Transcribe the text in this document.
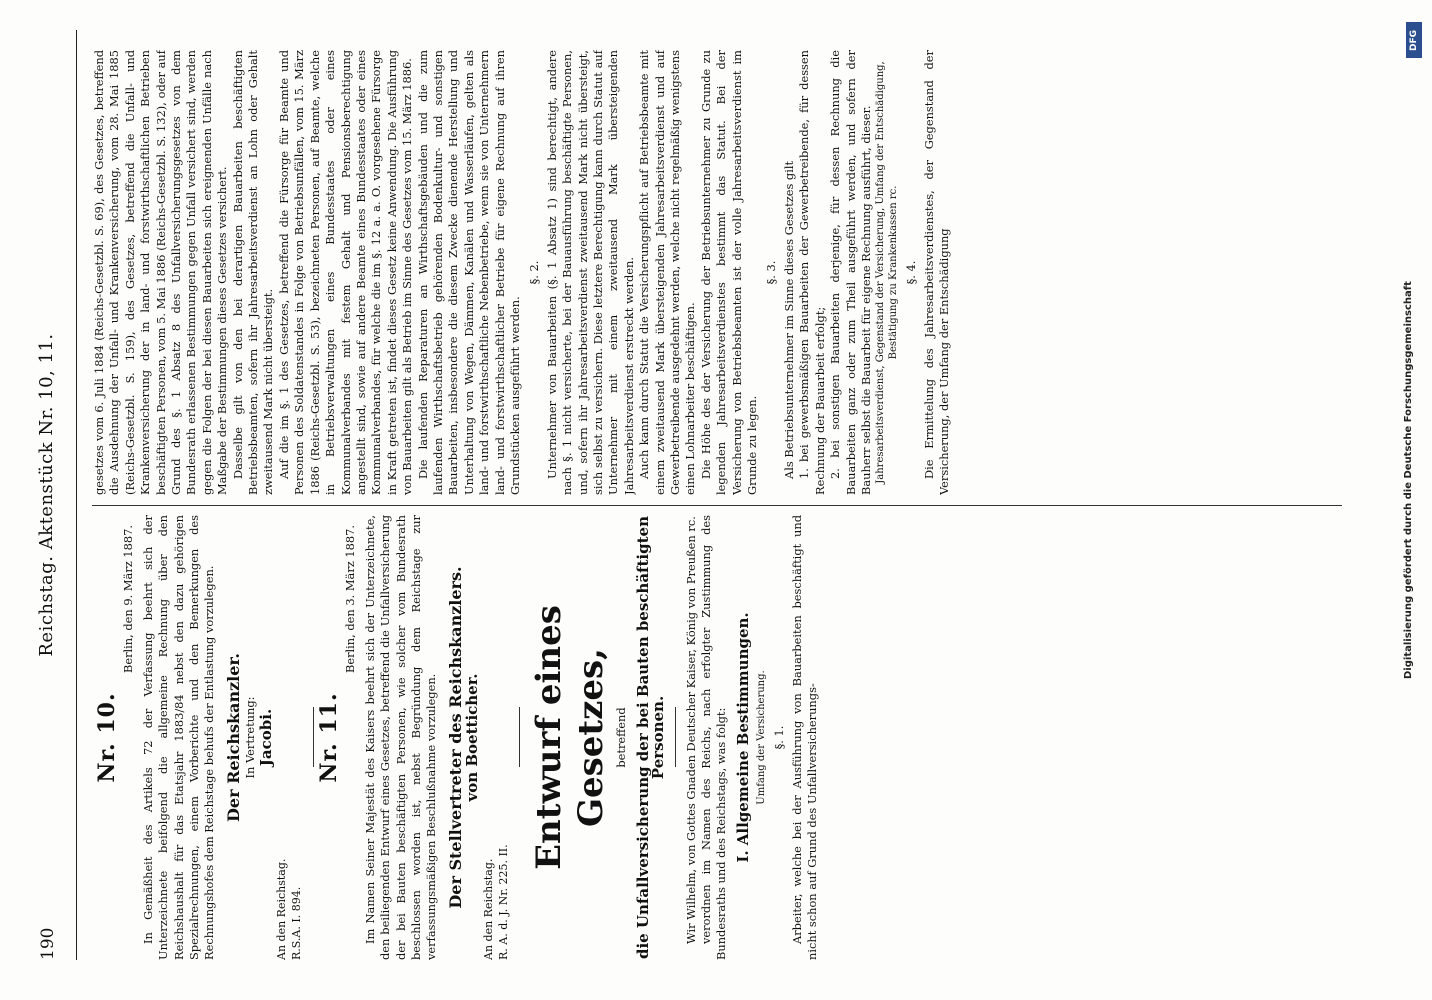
190
Reichstag. Aktenstück Nr. 10, 11.

Nr. 10.

Berlin, den 9. März 1887. In Gemäßheit des Artikels 72 der Verfassung beehrt sich der Unterzeichnete beifolgend die allgemeine Rechnung über den Reichshaushalt für das Etatsjahr 1883/84 nebst den dazu gehörigen Spezialrechnungen, einem Vorberichte und den Bemerkungen des Rechnungshofes dem Reichstage behufs der Entlastung vorzulegen. Der Reichskanzler. In Vertretung: Jacobi.

An den Reichstag. R.S.A. I. 894.

Nr. 11.

Berlin, den 3. März 1887. Im Namen Seiner Majestät des Kaisers beehrt sich der Unterzeichnete, den beiliegenden Entwurf eines Gesetzes, betreffend die Unfallversicherung der bei Bauten beschäftigten Personen, wie solcher vom Bundesrath beschlossen worden ist, nebst Begründung dem Reichstage zur verfassungsmäßigen Beschlußnahme vorzulegen. Der Stellvertreter des Reichskanzlers.

von Boetticher.

An den Reichstag. R. A. d. J. Nr. 225. II.

Entwurf eines Gesetzes, betreffend die Unfallversicherung der bei Bauten beschäftigten Personen. Wir Wilhelm, von Gottes Gnaden Deutscher Kaiser, König von Preußen rc. verordnen im Namen des Reichs, nach erfolgter Zustimmung des Bundesraths und des Reichstags, was folgt: I. Allgemeine Bestimmungen. Umfang der Versicherung. §. 1. Arbeiter, welche bei der Ausführung von Bauarbeiten beschäftigt und nicht schon auf Grund des Unfallversicherungs-

gesetzes vom 6. Juli 1884 (Reichs-Gesetzbl. S. 69), des Gesetzes, betreffend die Ausdehnung der Unfall- und Krankenversicherung, vom 28. Mai 1885 (Reichs-Gesetzbl. S. 159), des Gesetzes, betreffend die Unfall- und Krankenversicherung der in land- und forstwirthschaftlichen Betrieben beschäftigten Personen, vom 5. Mai 1886 (Reichs-Gesetzbl. S. 132), oder auf Grund des §. 1 Absatz 8 des Unfallversicherungsgesetzes von dem Bundesrath erlassenen Bestimmungen gegen Unfall versichert sind, werden gegen die Folgen der bei diesen Bauarbeiten sich ereignenden Unfälle nach Maßgabe der Bestimmungen dieses Gesetzes versichert. Dasselbe gilt von den bei derartigen Bauarbeiten beschäftigten Betriebsbeamten, sofern ihr Jahresarbeitsverdienst an Lohn oder Gehalt zweitausend Mark nicht übersteigt. Auf die im §. 1 des Gesetzes, betreffend die Fürsorge für Beamte und Personen des Soldatenstandes in Folge von Betriebsunfällen, vom 15. März 1886 (Reichs-Gesetzbl. S. 53), bezeichneten Personen, auf Beamte, welche in Betriebsverwaltungen eines Bundesstaates oder eines Kommunalverbandes mit festem Gehalt und Pensionsberechtigung angestellt sind, sowie auf andere Beamte eines Bundesstaates oder eines Kommunalverbandes, für welche die im §. 12 a. a. O. vorgesehene Fürsorge in Kraft getreten ist, findet dieses Gesetz keine Anwendung. Die Ausführung von Bauarbeiten gilt als Betrieb im Sinne des Gesetzes vom 15. März 1886. Die laufenden Reparaturen an Wirthschaftsgebäuden und die zum laufenden Wirthschaftsbetrieb gehörenden Bodenkultur- und sonstigen Bauarbeiten, insbesondere die diesem Zwecke dienende Herstellung und Unterhaltung von Wegen, Dämmen, Kanälen und Wasserläufen, gelten als land- und forstwirthschaftliche Nebenbetriebe, wenn sie von Unternehmern land- und forstwirthschaftlicher Betriebe für eigene Rechnung auf ihren Grundstücken ausgeführt werden.

§. 2. Unternehmer von Bauarbeiten (§. 1 Absatz 1) sind berechtigt, andere nach §. 1 nicht versicherte, bei der Bauausführung beschäftigte Personen, und, sofern ihr Jahresarbeitsverdienst zweitausend Mark nicht übersteigt, sich selbst zu versichern. Diese letztere Berechtigung kann durch Statut auf Unternehmer mit einem zweitausend Mark übersteigenden Jahresarbeitsverdienst erstreckt werden. Auch kann durch Statut die Versicherungspflicht auf Betriebsbeamte mit einem zweitausend Mark übersteigenden Jahresarbeitsverdienst und auf Gewerbetreibende ausgedehnt werden, welche nicht regelmäßig wenigstens einen Lohnarbeiter beschäftigen. Die Höhe des der Versicherung der Betriebsunternehmer zu Grunde zu legenden Jahresarbeitsverdienstes bestimmt das Statut. Bei der Versicherung von Betriebsbeamten ist der volle Jahresarbeitsverdienst im Grunde zu legen.

§. 3. Als Betriebsunternehmer im Sinne dieses Gesetzes gilt 1. bei gewerbsmäßigen Bauarbeiten der Gewerbetreibende, für dessen Rechnung der Bauarbeit erfolgt; 2. bei sonstigen Bauarbeiten derjenige, für dessen Rechnung die Bauarbeiten ganz oder zum Theil ausgeführt werden, und sofern der Bauherr selbst die Bauarbeit für eigene Rechnung ausführt, dieser. Jahresarbeitsverdienst, Gegenstand der Versicherung, Umfang der Entschädigung, Bestätigung zu Krankenkassen rc. §. 4. Die Ermittelung des Jahresarbeitsverdienstes, der Gegenstand der Versicherung, der Umfang der Entschädigung

DFG
Digitalisierung gefördert durch die Deutsche Forschungsgemeinschaft
